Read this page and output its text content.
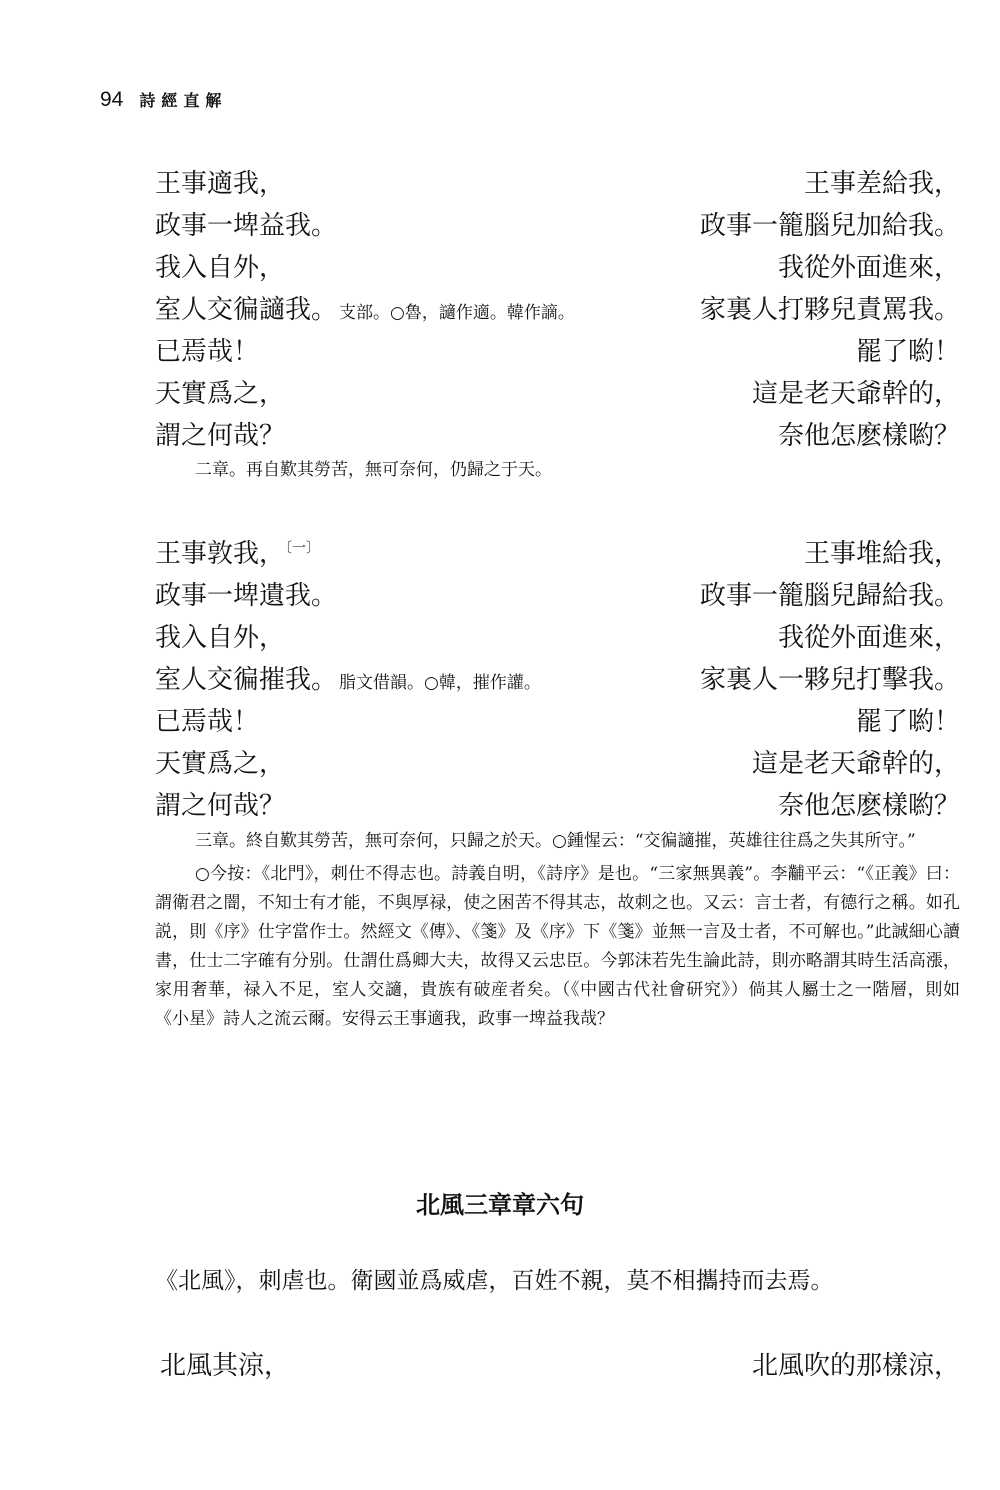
94 詩經直解
王事適我，	王事差給我，
政事一埤益我。	政事一籠腦兒加給我。
我入自外，	我從外面進來，
室人交徧讁我。 支部。○魯，讁作適。韓作謫。	家裏人打夥兒責罵我。
已焉哉！	罷了喲！
天實爲之，	這是老天爺幹的，
謂之何哉？	奈他怎麽樣喲？
二章。再自歎其勞苦，無可奈何，仍歸之于天。
王事敦我，$^{〔一〕}$	王事堆給我，
政事一埤遺我。	政事一籠腦兒歸給我。
我入自外，	我從外面進來，
室人交徧摧我。 脂文借韻。○韓，摧作讙。	家裏人一夥兒打擊我。
已焉哉！	罷了喲！
天實爲之，	這是老天爺幹的，
謂之何哉？	奈他怎麽樣喲？

三章。終自歎其勞苦，無可奈何，只歸之於天。○鍾惺云：“交徧讁摧，英雄往往爲之失其所守。”

○今按：《北門》，刺仕不得志也。詩義自明，《詩序》是也。“三家無異義”。李黼平云：“《正義》曰：謂衛君之闇，不知士有才能，不與厚禄，使之困苦不得其志，故刺之也。又云：言士者，有德行之稱。如孔説，則《序》仕字當作士。然經文《傳》、《箋》及《序》下《箋》並無一言及士者，不可解也。”此誠細心讀書，仕士二字確有分别。仕謂仕爲卿大夫，故得又云忠臣。今郭沫若先生論此詩，則亦略謂其時生活高漲，家用奢華，禄入不足，室人交讁，貴族有破産者矣。（《中國古代社會研究》）倘其人屬士之一階層，則如《小星》詩人之流云爾。安得云王事適我，政事一埤益我哉？

北風三章章六句
《北風》，刺虐也。衛國並爲威虐，百姓不親，莫不相攜持而去焉。
北風其涼，	北風吹的那樣涼，
